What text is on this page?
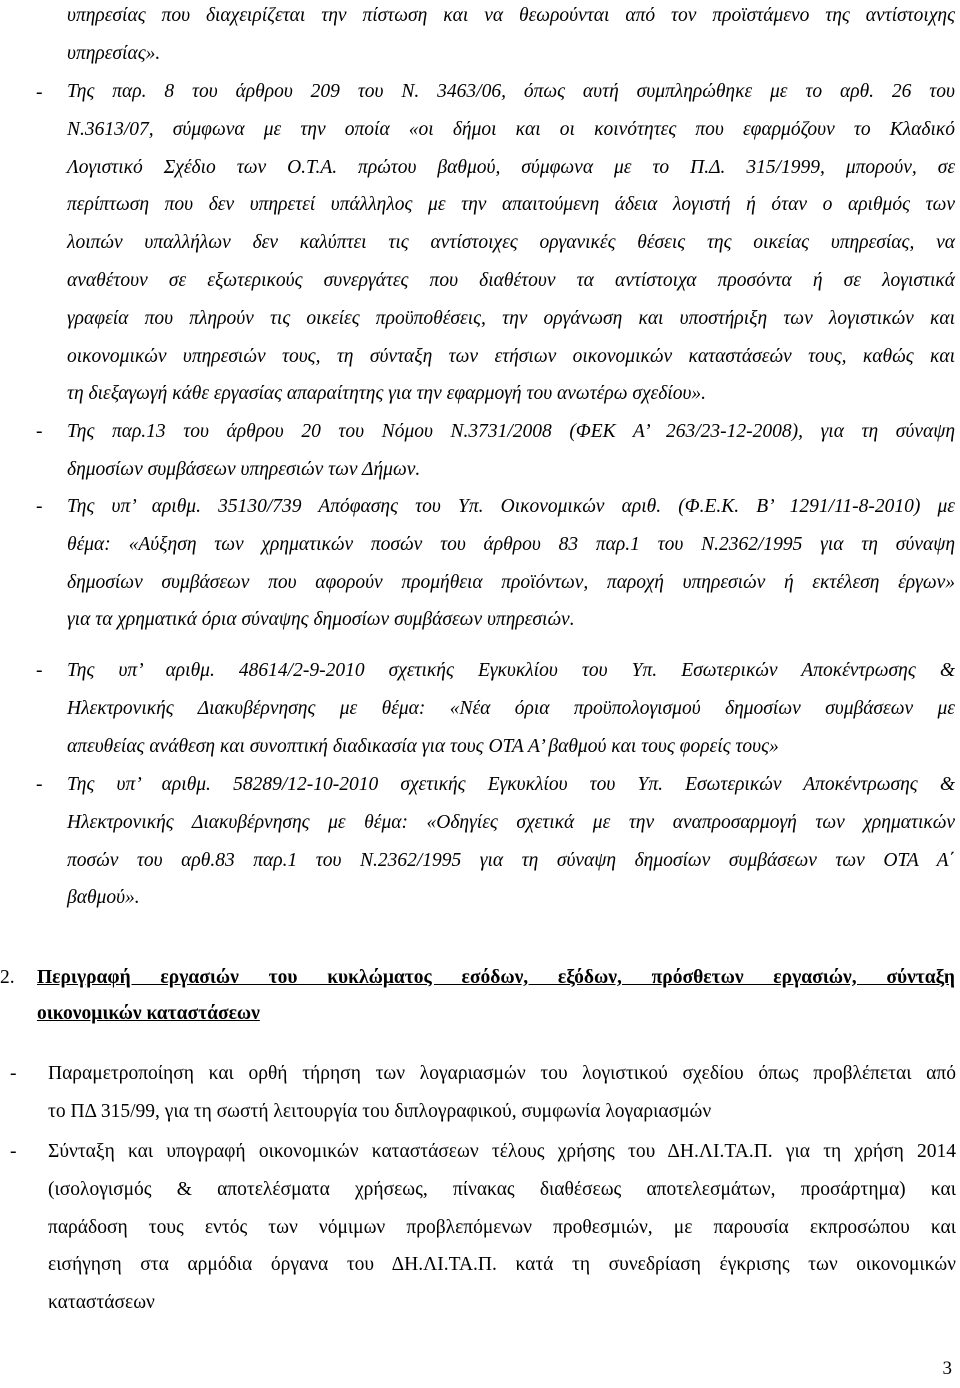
υπηρεσίας που διαχειρίζεται την πίστωση και να θεωρούνται από τον προϊστάμενο της αντίστοιχης
υπηρεσίας».
- Της παρ. 8 του άρθρου 209 του Ν. 3463/06, όπως αυτή συμπληρώθηκε με το αρθ. 26 του
Ν.3613/07, σύμφωνα με την οποία «οι δήμοι και οι κοινότητες που εφαρμόζουν το Κλαδικό
Λογιστικό Σχέδιο των Ο.Τ.Α. πρώτου βαθμού, σύμφωνα με το Π.Δ. 315/1999, μπορούν, σε
περίπτωση που δεν υπηρετεί υπάλληλος με την απαιτούμενη άδεια λογιστή ή όταν ο αριθμός των
λοιπών υπαλλήλων δεν καλύπτει τις αντίστοιχες οργανικές θέσεις της οικείας υπηρεσίας, να
αναθέτουν σε εξωτερικούς συνεργάτες που διαθέτουν τα αντίστοιχα προσόντα ή σε λογιστικά
γραφεία που πληρούν τις οικείες προϋποθέσεις, την οργάνωση και υποστήριξη των λογιστικών και
οικονομικών υπηρεσιών τους, τη σύνταξη των ετήσιων οικονομικών καταστάσεών τους, καθώς και
τη διεξαγωγή κάθε εργασίας απαραίτητης για την εφαρμογή του ανωτέρω σχεδίου».
- Της παρ.13 του άρθρου 20 του Νόμου Ν.3731/2008 (ΦΕΚ Α’ 263/23-12-2008), για τη σύναψη
δημοσίων συμβάσεων υπηρεσιών των Δήμων.
- Της υπ’ αριθμ. 35130/739 Απόφασης του Υπ. Οικονομικών αριθ. (Φ.Ε.Κ. Β’ 1291/11-8-2010) με
θέμα: «Αύξηση των χρηματικών ποσών του άρθρου 83 παρ.1 του Ν.2362/1995 για τη σύναψη
δημοσίων συμβάσεων που αφορούν προμήθεια προϊόντων, παροχή υπηρεσιών ή εκτέλεση έργων»
για τα χρηματικά όρια σύναψης δημοσίων συμβάσεων υπηρεσιών.
- Της υπ’ αριθμ. 48614/2-9-2010 σχετικής Εγκυκλίου του Υπ. Εσωτερικών Αποκέντρωσης &
Ηλεκτρονικής Διακυβέρνησης με θέμα: «Νέα όρια προϋπολογισμού δημοσίων συμβάσεων με
απευθείας ανάθεση και συνοπτική διαδικασία για τους ΟΤΑ Α’ βαθμού και τους φορείς τους»
- Της υπ’ αριθμ. 58289/12-10-2010 σχετικής Εγκυκλίου του Υπ. Εσωτερικών Αποκέντρωσης &
Ηλεκτρονικής Διακυβέρνησης με θέμα: «Οδηγίες σχετικά με την αναπροσαρμογή των χρηματικών
ποσών του αρθ.83 παρ.1 του Ν.2362/1995 για τη σύναψη δημοσίων συμβάσεων των ΟΤΑ Α΄
βαθμού».
2. Περιγραφή εργασιών του κυκλώματος εσόδων, εξόδων, πρόσθετων εργασιών, σύνταξη
οικονομικών καταστάσεων
- Παραμετροποίηση και ορθή τήρηση των λογαριασμών του λογιστικού σχεδίου όπως προβλέπεται από
το ΠΔ 315/99, για τη σωστή λειτουργία του διπλογραφικού, συμφωνία λογαριασμών
- Σύνταξη και υπογραφή οικονομικών καταστάσεων τέλους χρήσης του ΔΗ.ΛΙ.ΤΑ.Π. για τη χρήση 2014
(ισολογισμός & αποτελέσματα χρήσεως, πίνακας διαθέσεως αποτελεσμάτων, προσάρτημα) και
παράδοση τους εντός των νόμιμων προβλεπόμενων προθεσμιών, με παρουσία εκπροσώπου και
εισήγηση στα αρμόδια όργανα του ΔΗ.ΛΙ.ΤΑ.Π. κατά τη συνεδρίαση έγκρισης των οικονομικών
καταστάσεων
3
